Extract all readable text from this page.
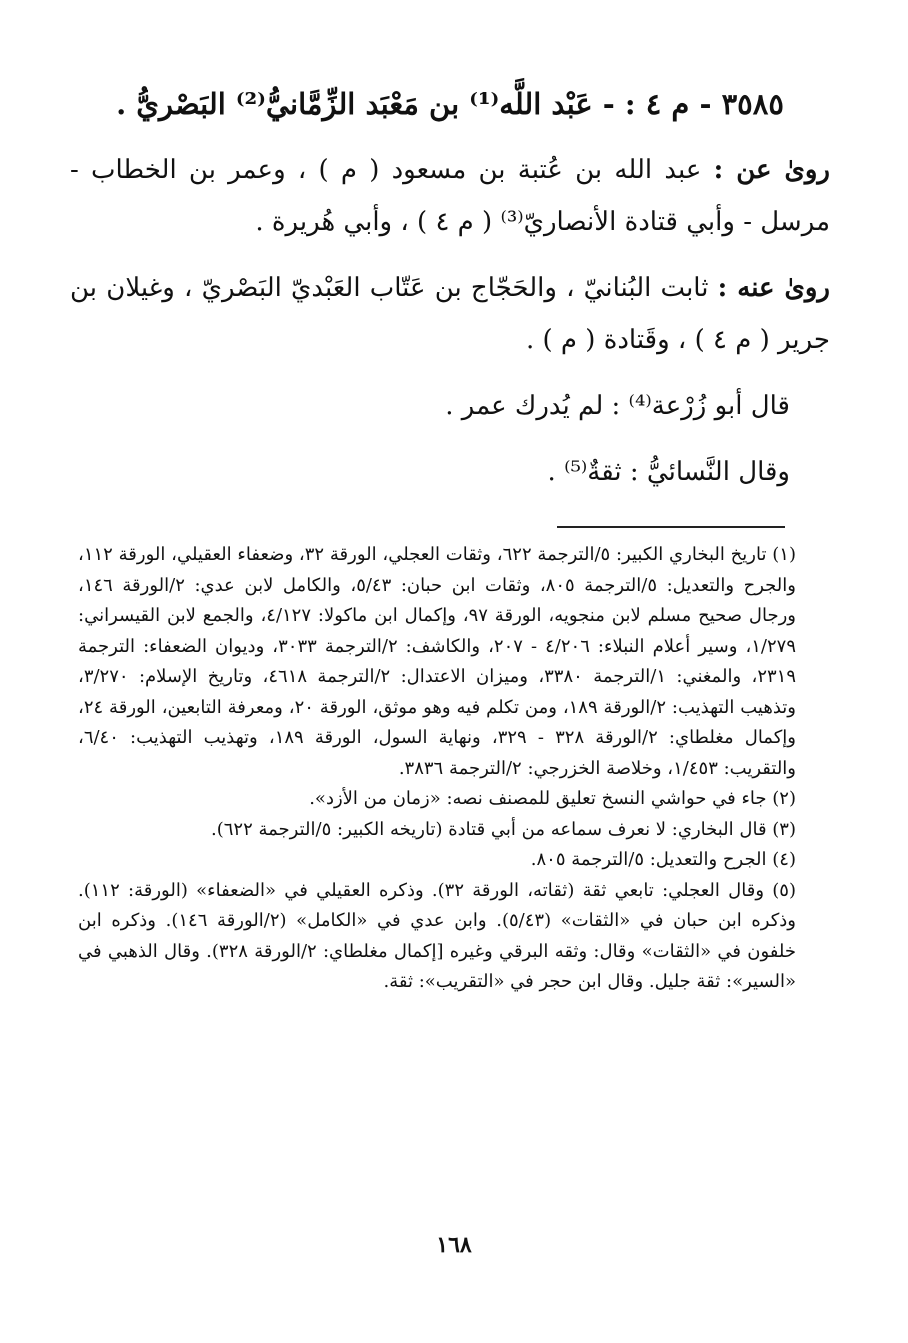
٣٥٨٥ - م ٤ : - عَبْد اللَّه⁽¹⁾ بن مَعْبَد الزِّمَّانيُّ⁽²⁾ البَصْريُّ .

روىٰ عن : عبد الله بن عُتبة بن مسعود ( م ) ، وعمر بن الخطاب - مرسل - وأبي قتادة الأنصاريّ⁽³⁾ ( م ٤ ) ، وأبي هُريرة .

روىٰ عنه : ثابت البُنانيّ ، والحَجّاج بن عَتّاب العَبْديّ البَصْريّ ، وغيلان بن جرير ( م ٤ ) ، وقَتادة ( م ) .

قال أبو زُرْعة⁽⁴⁾ : لم يُدرك عمر .

وقال النَّسائيُّ : ثقةٌ⁽⁵⁾ .

(١) تاريخ البخاري الكبير: ٥/الترجمة ٦٢٢، وثقات العجلي، الورقة ٣٢، وضعفاء العقيلي، الورقة ١١٢، والجرح والتعديل: ٥/الترجمة ٨٠٥، وثقات ابن حبان: ٥/٤٣، والكامل لابن عدي: ٢/الورقة ١٤٦، ورجال صحيح مسلم لابن منجويه، الورقة ٩٧، وإكمال ابن ماكولا: ٤/١٢٧، والجمع لابن القيسراني: ١/٢٧٩، وسير أعلام النبلاء: ٤/٢٠٦ - ٢٠٧، والكاشف: ٢/الترجمة ٣٠٣٣، وديوان الضعفاء: الترجمة ٢٣١٩، والمغني: ١/الترجمة ٣٣٨٠، وميزان الاعتدال: ٢/الترجمة ٤٦١٨، وتاريخ الإسلام: ٣/٢٧٠، وتذهيب التهذيب: ٢/الورقة ١٨٩، ومن تكلم فيه وهو موثق، الورقة ٢٠، ومعرفة التابعين، الورقة ٢٤، وإكمال مغلطاي: ٢/الورقة ٣٢٨ - ٣٢٩، ونهاية السول، الورقة ١٨٩، وتهذيب التهذيب: ٦/٤٠، والتقريب: ١/٤٥٣، وخلاصة الخزرجي: ٢/الترجمة ٣٨٣٦.

(٢) جاء في حواشي النسخ تعليق للمصنف نصه: «زمان من الأزد».

(٣) قال البخاري: لا نعرف سماعه من أبي قتادة (تاريخه الكبير: ٥/الترجمة ٦٢٢).

(٤) الجرح والتعديل: ٥/الترجمة ٨٠٥.

(٥) وقال العجلي: تابعي ثقة (ثقاته، الورقة ٣٢). وذكره العقيلي في «الضعفاء» (الورقة: ١١٢). وذكره ابن حبان في «الثقات» (٥/٤٣). وابن عدي في «الكامل» (٢/الورقة ١٤٦). وذكره ابن خلفون في «الثقات» وقال: وثقه البرقي وغيره [إكمال مغلطاي: ٢/الورقة ٣٢٨). وقال الذهبي في «السير»: ثقة جليل. وقال ابن حجر في «التقريب»: ثقة.

١٦٨
